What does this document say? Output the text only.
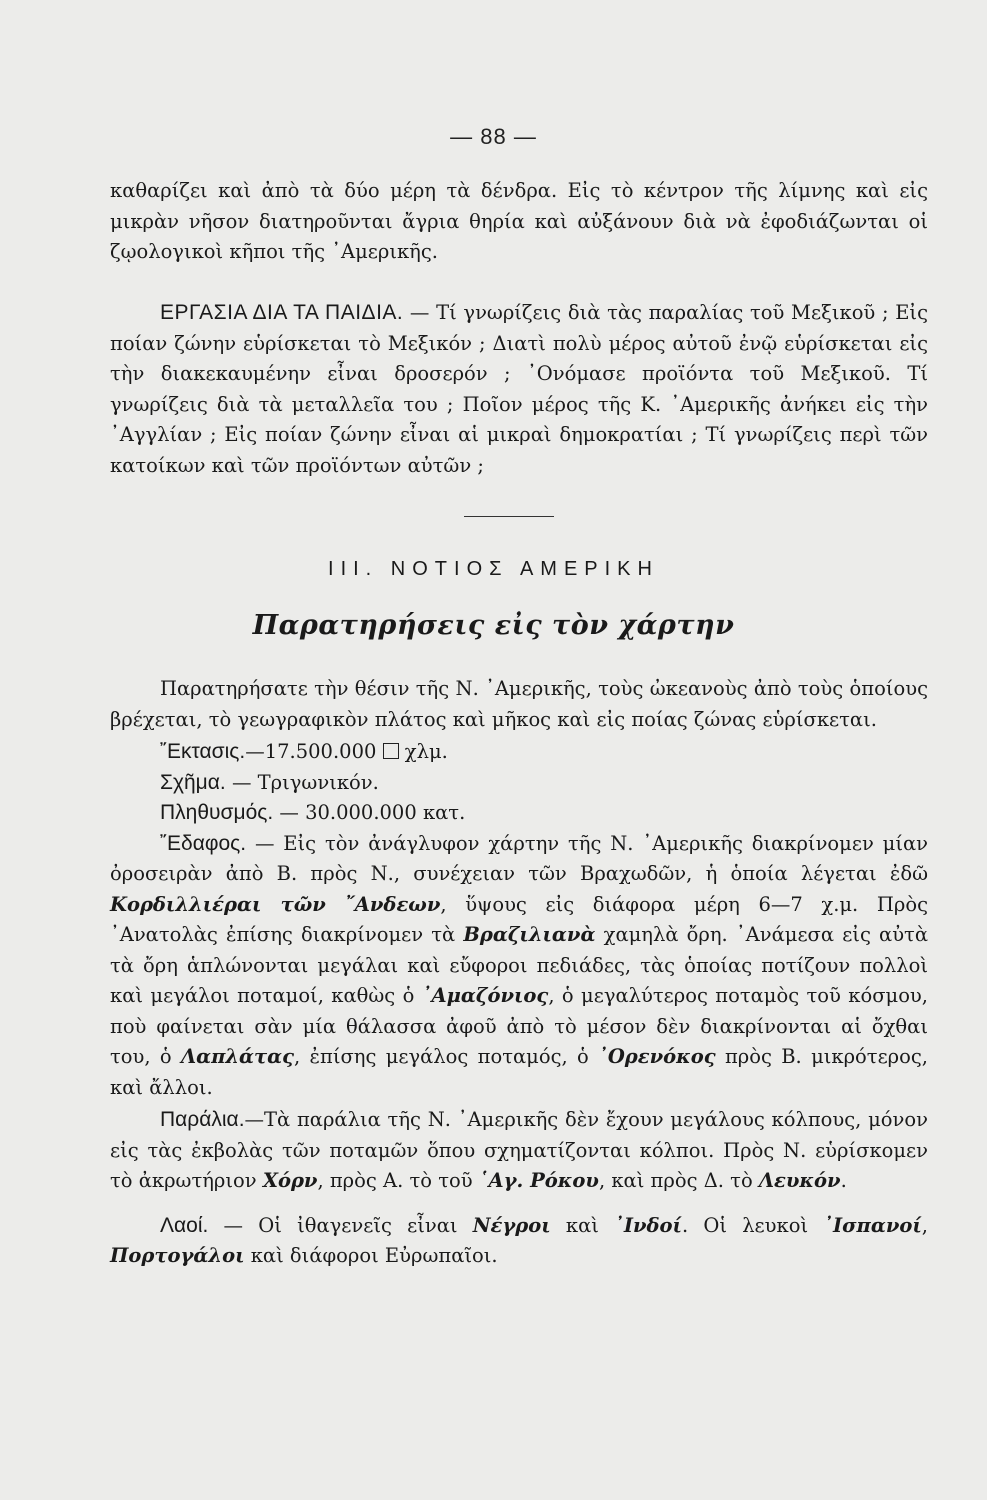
— 88 —

καθαρίζει καὶ ἀπὸ τὰ δύο μέρη τὰ δένδρα. Εἰς τὸ κέντρον τῆς λίμνης καὶ εἰς μικρὰν νῆσον διατηροῦνται ἄγρια θηρία καὶ αὐξάνουν διὰ νὰ ἐφοδιάζωνται οἱ ζῳολογικοὶ κῆποι τῆς ᾿Αμερικῆς.

ΕΡΓΑΣΙΑ ΔΙΑ ΤΑ ΠΑΙΔΙΑ. — Τί γνωρίζεις διὰ τὰς παραλίας τοῦ Μεξικοῦ ; Εἰς ποίαν ζώνην εὑρίσκεται τὸ Μεξικόν ; Διατὶ πολὺ μέρος αὐτοῦ ἐνῷ εὑρίσκεται εἰς τὴν διακεκαυμένην εἶναι δροσερόν ; ᾿Ονόμασε προϊόντα τοῦ Μεξικοῦ. Τί γνωρίζεις διὰ τὰ μεταλλεῖα του ; Ποῖον μέρος τῆς Κ. ᾿Αμερικῆς ἀνήκει εἰς τὴν ᾿Αγγλίαν ; Εἰς ποίαν ζώνην εἶναι αἱ μικραὶ δημοκρατίαι ; Τί γνωρίζεις περὶ τῶν κατοίκων καὶ τῶν προϊόντων αὐτῶν ;

ΙΙΙ. ΝΟΤΙΟΣ ΑΜΕΡΙΚΗ
Παρατηρήσεις εἰς τὸν χάρτην

Παρατηρήσατε τὴν θέσιν τῆς Ν. ᾿Αμερικῆς, τοὺς ὠκεανοὺς ἀπὸ τοὺς ὁποίους βρέχεται, τὸ γεωγραφικὸν πλάτος καὶ μῆκος καὶ εἰς ποίας ζώνας εὑρίσκεται.

῎Εκτασις.—17.500.000 χλμ.

Σχῆμα. — Τριγωνικόν.

Πληθυσμός. — 30.000.000 κατ.

῎Εδαφος. — Εἰς τὸν ἀνάγλυφον χάρτην τῆς Ν. ᾿Αμερικῆς διακρίνομεν μίαν ὀροσειρὰν ἀπὸ Β. πρὸς Ν., συνέχειαν τῶν Βραχωδῶν, ἡ ὁποία λέγεται ἐδῶ Κορδιλλιέραι τῶν ῎Ανδεων, ὕψους εἰς διάφορα μέρη 6—7 χ.μ. Πρὸς ᾿Ανατολὰς ἐπίσης διακρίνομεν τὰ Βραζιλιανὰ χαμηλὰ ὄρη. ᾿Ανάμεσα εἰς αὐτὰ τὰ ὄρη ἁπλώνονται μεγάλαι καὶ εὔφοροι πεδιάδες, τὰς ὁποίας ποτίζουν πολλοὶ καὶ μεγάλοι ποταμοί, καθὼς ὁ ᾿Αμαζόνιος, ὁ μεγαλύτερος ποταμὸς τοῦ κόσμου, ποὺ φαίνεται σὰν μία θάλασσα ἀφοῦ ἀπὸ τὸ μέσον δὲν διακρίνονται αἱ ὄχθαι του, ὁ Λαπλάτας, ἐπίσης μεγάλος ποταμός, ὁ ᾿Ορενόκος πρὸς Β. μικρότερος, καὶ ἄλλοι.

Παράλια.—Τὰ παράλια τῆς Ν. ᾿Αμερικῆς δὲν ἔχουν μεγάλους κόλπους, μόνον εἰς τὰς ἐκβολὰς τῶν ποταμῶν ὅπου σχηματίζονται κόλποι. Πρὸς Ν. εὑρίσκομεν τὸ ἀκρωτήριον Χόρν, πρὸς Α. τὸ τοῦ ῾Αγ. Ρόκου, καὶ πρὸς Δ. τὸ Λευκόν.

Λαοί. — Οἱ ἰθαγενεῖς εἶναι Νέγροι καὶ ᾿Ινδοί. Οἱ λευκοὶ ᾿Ισπανοί, Πορτογάλοι καὶ διάφοροι Εὐρωπαῖοι.
